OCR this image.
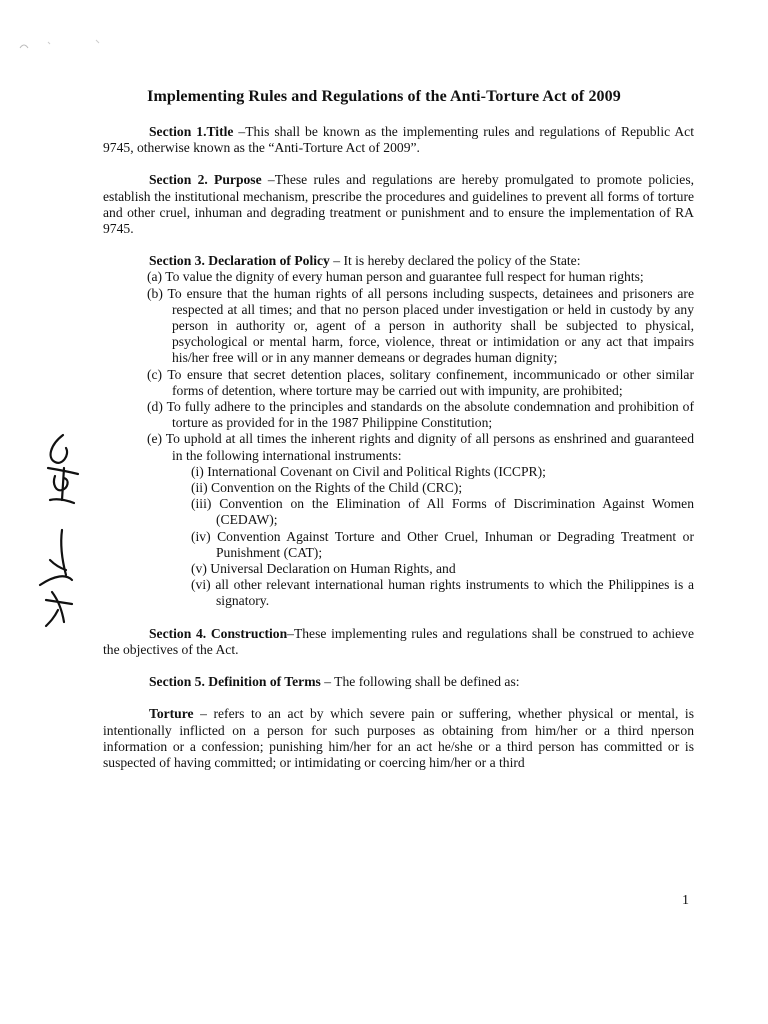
Implementing Rules and Regulations of the Anti-Torture Act of 2009

Section 1.Title –This shall be known as the implementing rules and regulations of Republic Act 9745, otherwise known as the “Anti-Torture Act of 2009”.

Section 2. Purpose –These rules and regulations are hereby promulgated to promote policies, establish the institutional mechanism, prescribe the procedures and guidelines to prevent all forms of torture and other cruel, inhuman and degrading treatment or punishment and to ensure the implementation of RA 9745.

Section 3. Declaration of Policy – It is hereby declared the policy of the State:

(a) To value the dignity of every human person and guarantee full respect for human rights;
(b) To ensure that the human rights of all persons including suspects, detainees and prisoners are respected at all times; and that no person placed under investigation or held in custody by any person in authority or, agent of a person in authority shall be subjected to physical, psychological or mental harm, force, violence, threat or intimidation or any act that impairs his/her free will or in any manner demeans or degrades human dignity;
(c) To ensure that secret detention places, solitary confinement, incommunicado or other similar forms of detention, where torture may be carried out with impunity, are prohibited;
(d) To fully adhere to the principles and standards on the absolute condemnation and prohibition of torture as provided for in the 1987 Philippine Constitution;
(e) To uphold at all times the inherent rights and dignity of all persons as enshrined and guaranteed in the following international instruments:
(i) International Covenant on Civil and Political Rights (ICCPR);
(ii) Convention on the Rights of the Child (CRC);
(iii) Convention on the Elimination of All Forms of Discrimination Against Women (CEDAW);
(iv) Convention Against Torture and Other Cruel, Inhuman or Degrading Treatment or Punishment (CAT);
(v) Universal Declaration on Human Rights, and
(vi) all other relevant international human rights instruments to which the Philippines is a signatory.

Section 4. Construction–These implementing rules and regulations shall be construed to achieve the objectives of the Act.

Section 5. Definition of Terms – The following shall be defined as:

Torture – refers to an act by which severe pain or suffering, whether physical or mental, is intentionally inflicted on a person for such purposes as obtaining from him/her or a third nperson information or a confession; punishing him/her for an act he/she or a third person has committed or is suspected of having committed; or intimidating or coercing him/her or a third

1
